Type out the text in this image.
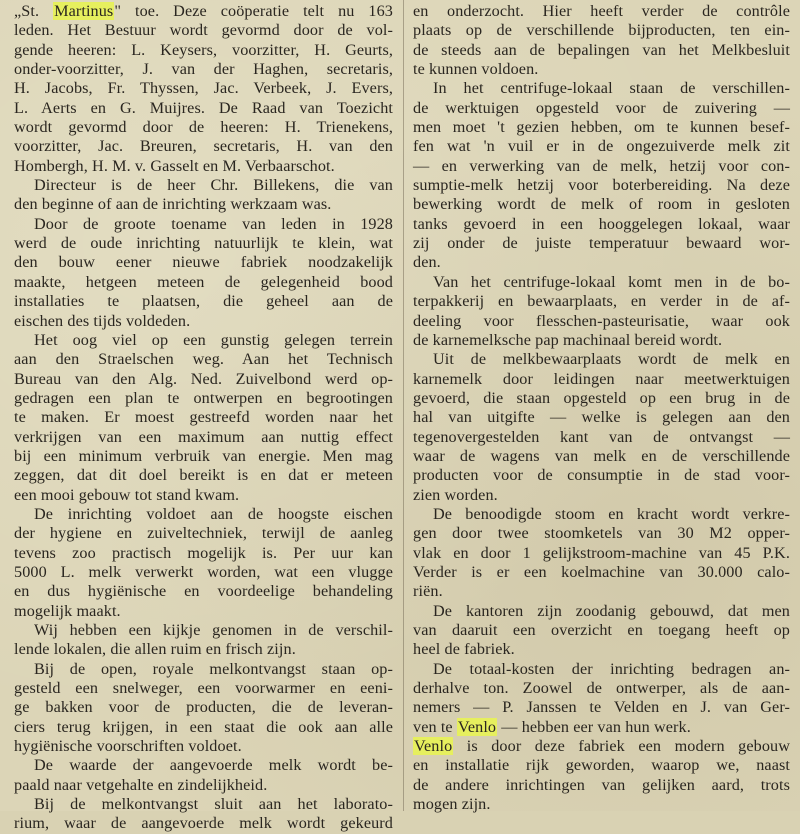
„St. Martinus" toe. Deze coöperatie telt nu 163
leden. Het Bestuur wordt gevormd door de vol-
gende heeren: L. Keysers, voorzitter, H. Geurts,
onder-voorzitter, J. van der Haghen, secretaris,
H. Jacobs, Fr. Thyssen, Jac. Verbeek, J. Evers,
L. Aerts en G. Muijres. De Raad van Toezicht
wordt gevormd door de heeren: H. Trienekens,
voorzitter, Jac. Breuren, secretaris, H. van den
Hombergh, H. M. v. Gasselt en M. Verbaarschot.
Directeur is de heer Chr. Billekens, die van
den beginne of aan de inrichting werkzaam was.
Door de groote toename van leden in 1928
werd de oude inrichting natuurlijk te klein, wat
den bouw eener nieuwe fabriek noodzakelijk
maakte, hetgeen meteen de gelegenheid bood
installaties te plaatsen, die geheel aan de
eischen des tijds voldeden.
Het oog viel op een gunstig gelegen terrein
aan den Straelschen weg. Aan het Technisch
Bureau van den Alg. Ned. Zuivelbond werd op-
gedragen een plan te ontwerpen en begrootingen
te maken. Er moest gestreefd worden naar het
verkrijgen van een maximum aan nuttig effect
bij een minimum verbruik van energie. Men mag
zeggen, dat dit doel bereikt is en dat er meteen
een mooi gebouw tot stand kwam.
De inrichting voldoet aan de hoogste eischen
der hygiene en zuiveltechniek, terwijl de aanleg
tevens zoo practisch mogelijk is. Per uur kan
5000 L. melk verwerkt worden, wat een vlugge
en dus hygiënische en voordeelige behandeling
mogelijk maakt.
Wij hebben een kijkje genomen in de verschil-
lende lokalen, die allen ruim en frisch zijn.
Bij de open, royale melkontvangst staan op-
gesteld een snelweger, een voorwarmer en eeni-
ge bakken voor de producten, die de leveran-
ciers terug krijgen, in een staat die ook aan alle
hygiënische voorschriften voldoet.
De waarde der aangevoerde melk wordt be-
paald naar vetgehalte en zindelijkheid.
Bij de melkontvangst sluit aan het laborato-
rium, waar de aangevoerde melk wordt gekeurd
en onderzocht. Hier heeft verder de contrôle
plaats op de verschillende bijproducten, ten ein-
de steeds aan de bepalingen van het Melkbesluit
te kunnen voldoen.
In het centrifuge-lokaal staan de verschillen-
de werktuigen opgesteld voor de zuivering —
men moet 't gezien hebben, om te kunnen besef-
fen wat 'n vuil er in de ongezuiverde melk zit
— en verwerking van de melk, hetzij voor con-
sumptie-melk hetzij voor boterbereiding. Na deze
bewerking wordt de melk of room in gesloten
tanks gevoerd in een hooggelegen lokaal, waar
zij onder de juiste temperatuur bewaard wor-
den.
Van het centrifuge-lokaal komt men in de bo-
terpakkerij en bewaarplaats, en verder in de af-
deeling voor flesschen-pasteurisatie, waar ook
de karnemelksche pap machinaal bereid wordt.
Uit de melkbewaarplaats wordt de melk en
karnemelk door leidingen naar meetwerktuigen
gevoerd, die staan opgesteld op een brug in de
hal van uitgifte — welke is gelegen aan den
tegenovergestelden kant van de ontvangst —
waar de wagens van melk en de verschillende
producten voor de consumptie in de stad voor-
zien worden.
De benoodigde stoom en kracht wordt verkre-
gen door twee stoomketels van 30 M2 opper-
vlak en door 1 gelijkstroom-machine van 45 P.K.
Verder is er een koelmachine van 30.000 calo-
riën.
De kantoren zijn zoodanig gebouwd, dat men
van daaruit een overzicht en toegang heeft op
heel de fabriek.
De totaal-kosten der inrichting bedragen an-
derhalve ton. Zoowel de ontwerper, als de aan-
nemers — P. Janssen te Velden en J. van Ger-
ven te Venlo — hebben eer van hun werk.
Venlo is door deze fabriek een modern gebouw
en installatie rijk geworden, waarop we, naast
de andere inrichtingen van gelijken aard, trots
mogen zijn.
